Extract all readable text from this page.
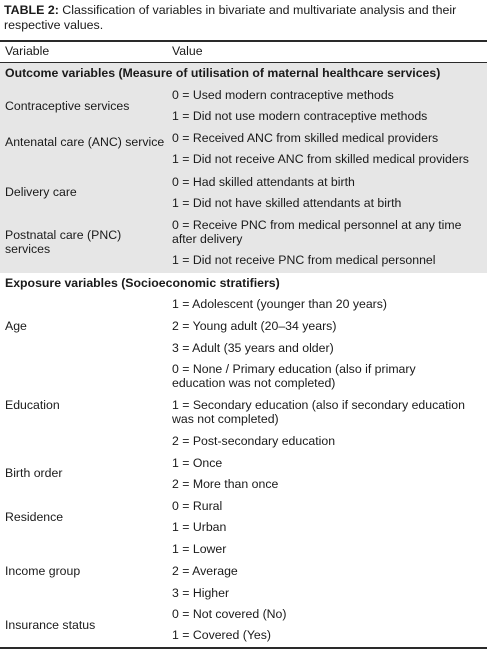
TABLE 2: Classification of variables in bivariate and multivariate analysis and their respective values.
Variable	Value
Outcome variables (Measure of utilisation of maternal healthcare services)
Contraceptive services
0 = Used modern contraceptive methods
1 = Did not use modern contraceptive methods
Antenatal care (ANC) service 0 = Received ANC from skilled medical providers
1 = Did not receive ANC from skilled medical providers
Delivery care
0 = Had skilled attendants at birth
1 = Did not have skilled attendants at birth
Postnatal care (PNC) services
0 = Receive PNC from medical personnel at any time after delivery
1 = Did not receive PNC from medical personnel
Exposure variables (Socioeconomic stratifiers)
Age
1 = Adolescent (younger than 20 years)
2 = Young adult (20–34 years)
3 = Adult (35 years and older)
Education
0 = None / Primary education (also if primary education was not completed)
1 = Secondary education (also if secondary education was not completed)
2 = Post-secondary education
Birth order
1 = Once
2 = More than once
Residence
0 = Rural
1 = Urban
Income group
1 = Lower
2 = Average
3 = Higher
Insurance status
0 = Not covered (No)
1 = Covered (Yes)
